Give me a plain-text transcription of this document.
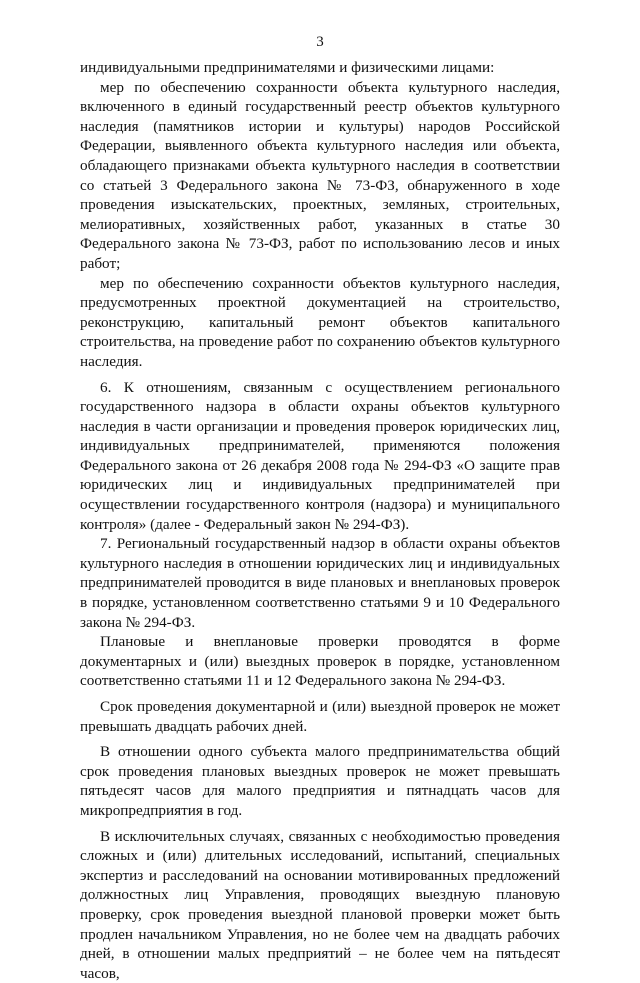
3

индивидуальными предпринимателями и физическими лицами:

мер по обеспечению сохранности объекта культурного наследия, включенного в единый государственный реестр объектов культурного наследия (памятников истории и культуры) народов Российской Федерации, выявленного объекта культурного наследия или объекта, обладающего признаками объекта культурного наследия в соответствии со статьей 3 Федерального закона № 73-ФЗ, обнаруженного в ходе проведения изыскательских, проектных, земляных, строительных, мелиоративных, хозяйственных работ, указанных в статье 30 Федерального закона № 73-ФЗ, работ по использованию лесов и иных работ;

мер по обеспечению сохранности объектов культурного наследия, предусмотренных проектной документацией на строительство, реконструкцию, капитальный ремонт объектов капитального строительства, на проведение работ по сохранению объектов культурного наследия.

6. К отношениям, связанным с осуществлением регионального государственного надзора в области охраны объектов культурного наследия в части организации и проведения проверок юридических лиц, индивидуальных предпринимателей, применяются положения Федерального закона от 26 декабря 2008 года № 294-ФЗ «О защите прав юридических лиц и индивидуальных предпринимателей при осуществлении государственного контроля (надзора) и муниципального контроля» (далее - Федеральный закон № 294-ФЗ).

7. Региональный государственный надзор в области охраны объектов культурного наследия в отношении юридических лиц и индивидуальных предпринимателей проводится в виде плановых и внеплановых проверок в порядке, установленном соответственно статьями 9 и 10 Федерального закона № 294-ФЗ.

Плановые и внеплановые проверки проводятся в форме документарных и (или) выездных проверок в порядке, установленном соответственно статьями 11 и 12 Федерального закона № 294-ФЗ.

Срок проведения документарной и (или) выездной проверок не может превышать двадцать рабочих дней.

В отношении одного субъекта малого предпринимательства общий срок проведения плановых выездных проверок не может превышать пятьдесят часов для малого предприятия и пятнадцать часов для микропредприятия в год.

В исключительных случаях, связанных с необходимостью проведения сложных и (или) длительных исследований, испытаний, специальных экспертиз и расследований на основании мотивированных предложений должностных лиц Управления, проводящих выездную плановую проверку, срок проведения выездной плановой проверки может быть продлен начальником Управления, но не более чем на двадцать рабочих дней, в отношении малых предприятий – не более чем на пятьдесят часов,
